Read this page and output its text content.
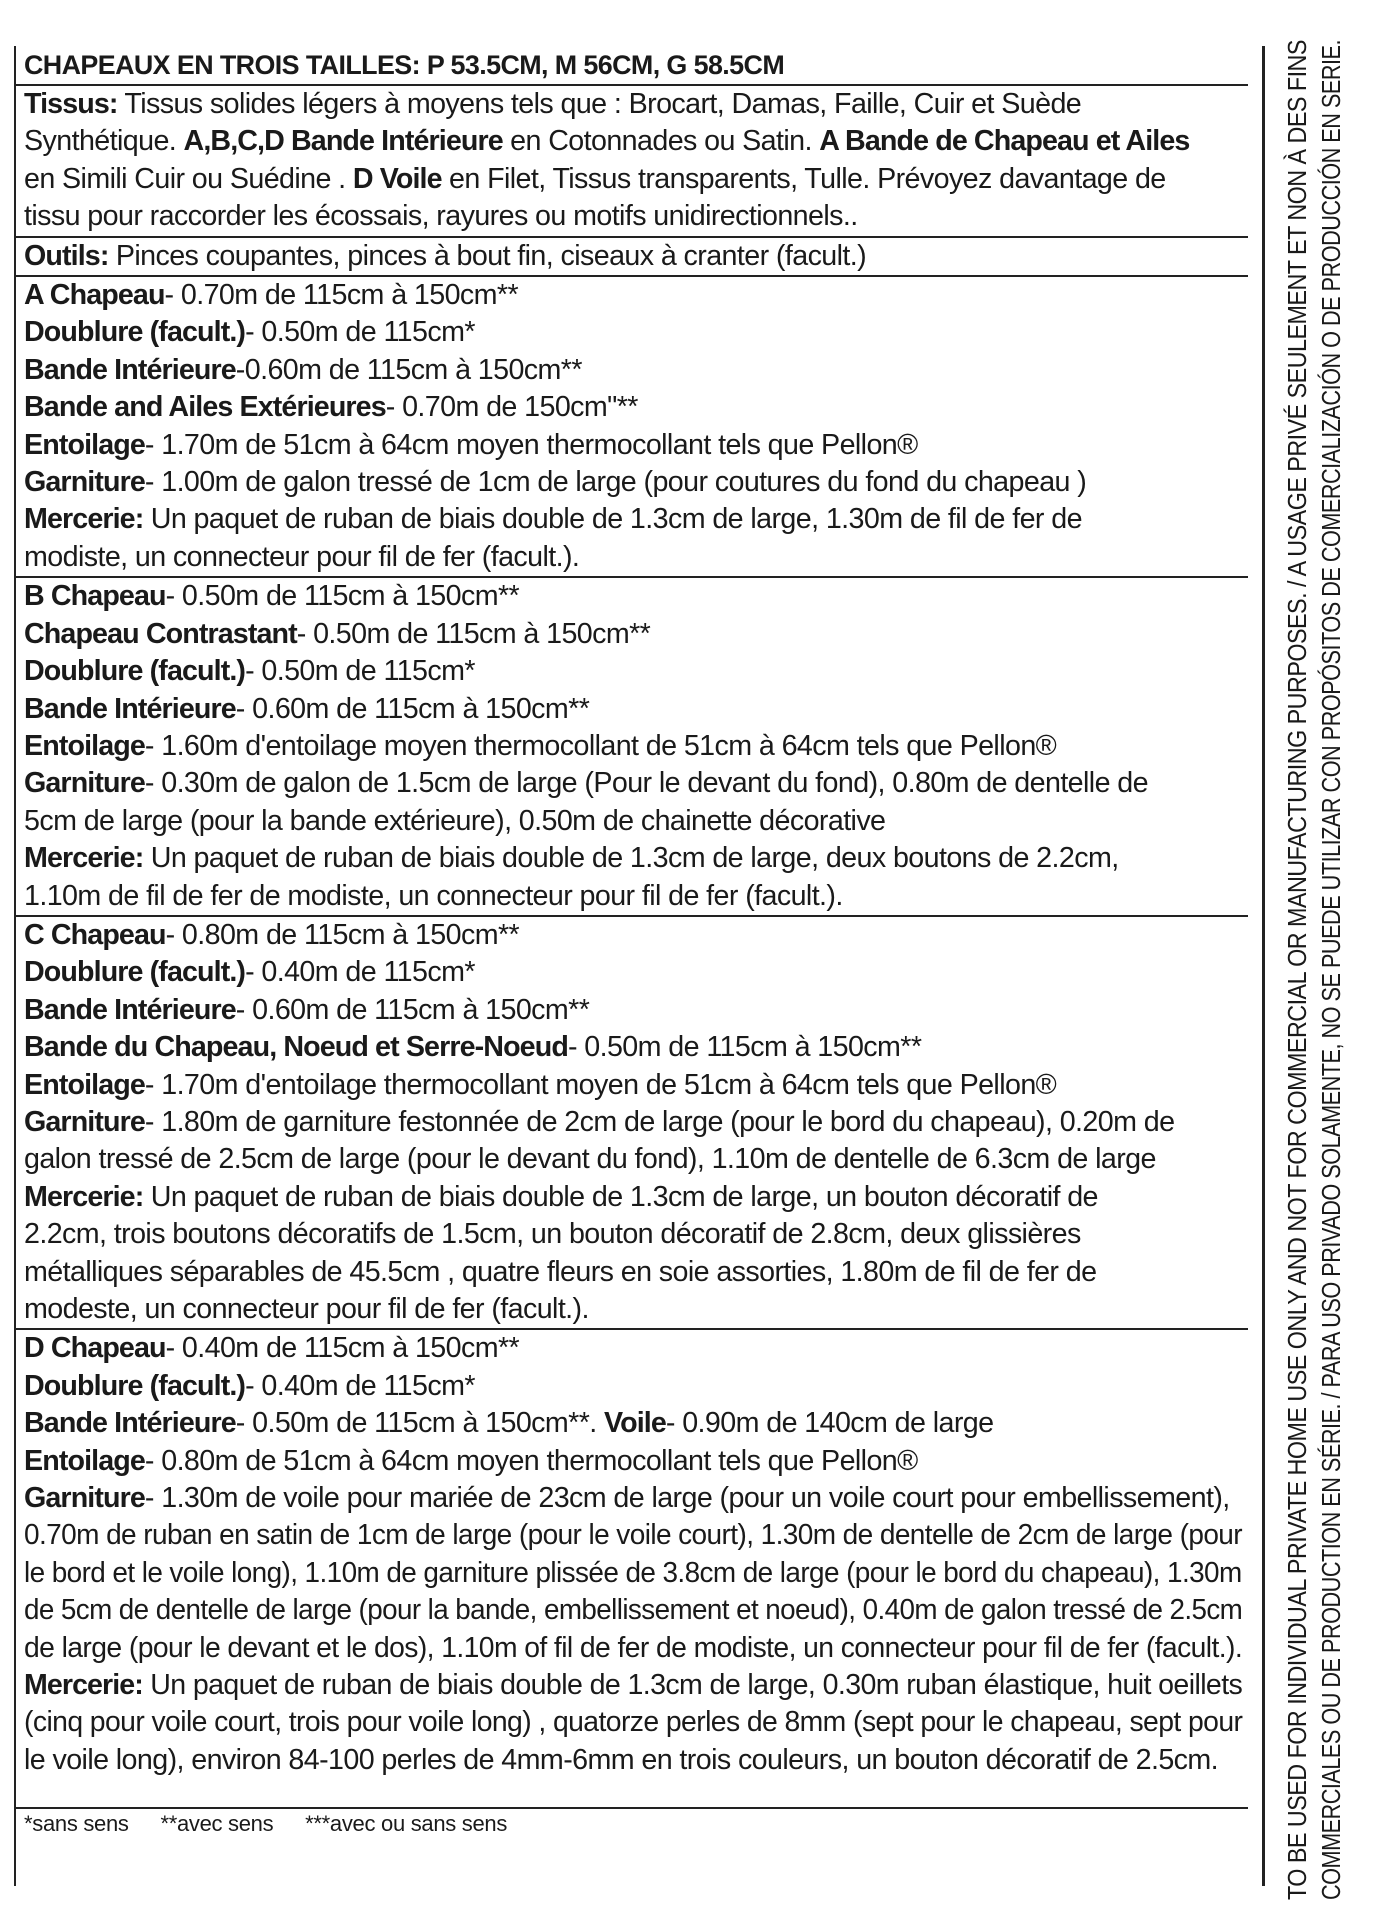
CHAPEAUX EN TROIS TAILLES: P 53.5CM, M 56CM, G 58.5CM
Tissus: Tissus solides légers à moyens tels que : Brocart, Damas, Faille, Cuir et Suède
Synthétique. A,B,C,D Bande Intérieure en Cotonnades ou Satin. A Bande de Chapeau et Ailes
en Simili Cuir ou Suédine . D Voile en Filet, Tissus transparents, Tulle. Prévoyez davantage de
tissu pour raccorder les écossais, rayures ou motifs unidirectionnels..
Outils: Pinces coupantes, pinces à bout fin, ciseaux à cranter (facult.)
A Chapeau- 0.70m de 115cm à 150cm**
Doublure (facult.)- 0.50m de 115cm*
Bande Intérieure-0.60m de 115cm à 150cm**
Bande and Ailes Extérieures- 0.70m de 150cm"**
Entoilage- 1.70m de 51cm à 64cm moyen thermocollant tels que Pellon®
Garniture- 1.00m de galon tressé de 1cm de large (pour coutures du fond du chapeau )
Mercerie: Un paquet de ruban de biais double de 1.3cm de large, 1.30m de fil de fer de
modiste, un connecteur pour fil de fer (facult.).
B Chapeau- 0.50m de 115cm à 150cm**
Chapeau Contrastant- 0.50m de 115cm à 150cm**
Doublure (facult.)- 0.50m de 115cm*
Bande Intérieure- 0.60m de 115cm à 150cm**
Entoilage- 1.60m d'entoilage moyen thermocollant de 51cm à 64cm tels que Pellon®
Garniture- 0.30m de galon de 1.5cm de large (Pour le devant du fond), 0.80m de dentelle de
5cm de large (pour la bande extérieure), 0.50m de chainette décorative
Mercerie: Un paquet de ruban de biais double de 1.3cm de large, deux boutons de 2.2cm,
1.10m de fil de fer de modiste, un connecteur pour fil de fer (facult.).
C Chapeau- 0.80m de 115cm à 150cm**
Doublure (facult.)- 0.40m de 115cm*
Bande Intérieure- 0.60m de 115cm à 150cm**
Bande du Chapeau, Noeud et Serre-Noeud- 0.50m de 115cm à 150cm**
Entoilage- 1.70m d'entoilage thermocollant moyen de 51cm à 64cm tels que Pellon®
Garniture- 1.80m de garniture festonnée de 2cm de large (pour le bord du chapeau), 0.20m de
galon tressé de 2.5cm de large (pour le devant du fond), 1.10m de dentelle de 6.3cm de large
Mercerie: Un paquet de ruban de biais double de 1.3cm de large, un bouton décoratif de
2.2cm, trois boutons décoratifs de 1.5cm, un bouton décoratif de 2.8cm, deux glissières
métalliques séparables de 45.5cm , quatre fleurs en soie assorties, 1.80m de fil de fer de
modeste, un connecteur pour fil de fer (facult.).
D Chapeau- 0.40m de 115cm à 150cm**
Doublure (facult.)- 0.40m de 115cm*
Bande Intérieure- 0.50m de 115cm à 150cm**. Voile- 0.90m de 140cm de large
Entoilage- 0.80m de 51cm à 64cm moyen thermocollant tels que Pellon®
Garniture- 1.30m de voile pour mariée de 23cm de large (pour un voile court pour embellissement),
0.70m de ruban en satin de 1cm de large (pour le voile court), 1.30m de dentelle de 2cm de large (pour
le bord et le voile long), 1.10m de garniture plissée de 3.8cm de large (pour le bord du chapeau), 1.30m
de 5cm de dentelle de large (pour la bande, embellissement et noeud), 0.40m de galon tressé de 2.5cm
de large (pour le devant et le dos), 1.10m of fil de fer de modiste, un connecteur pour fil de fer (facult.).
Mercerie: Un paquet de ruban de biais double de 1.3cm de large, 0.30m ruban élastique, huit oeillets
(cinq pour voile court, trois pour voile long) , quatorze perles de 8mm (sept pour le chapeau, sept pour
le voile long), environ 84-100 perles de 4mm-6mm en trois couleurs, un bouton décoratif de 2.5cm.
*sans sens **avec sens ***avec ou sans sens	TO BE USED FOR INDIVIDUAL PRIVATE HOME USE ONLY AND NOT FOR COMMERCIAL OR MANUFACTURING PURPOSES. / A USAGE PRIVÉ SEULEMENT ET NON À DES FINS COMMERCIALES OU DE PRODUCTION EN SÉRIE. / PARA USO PRIVADO SOLAMENTE, NO SE PUEDE UTILIZAR CON PROPÓSITOS DE COMERCIALIZACIÓN O DE PRODUCCIÓN EN SERIE.
